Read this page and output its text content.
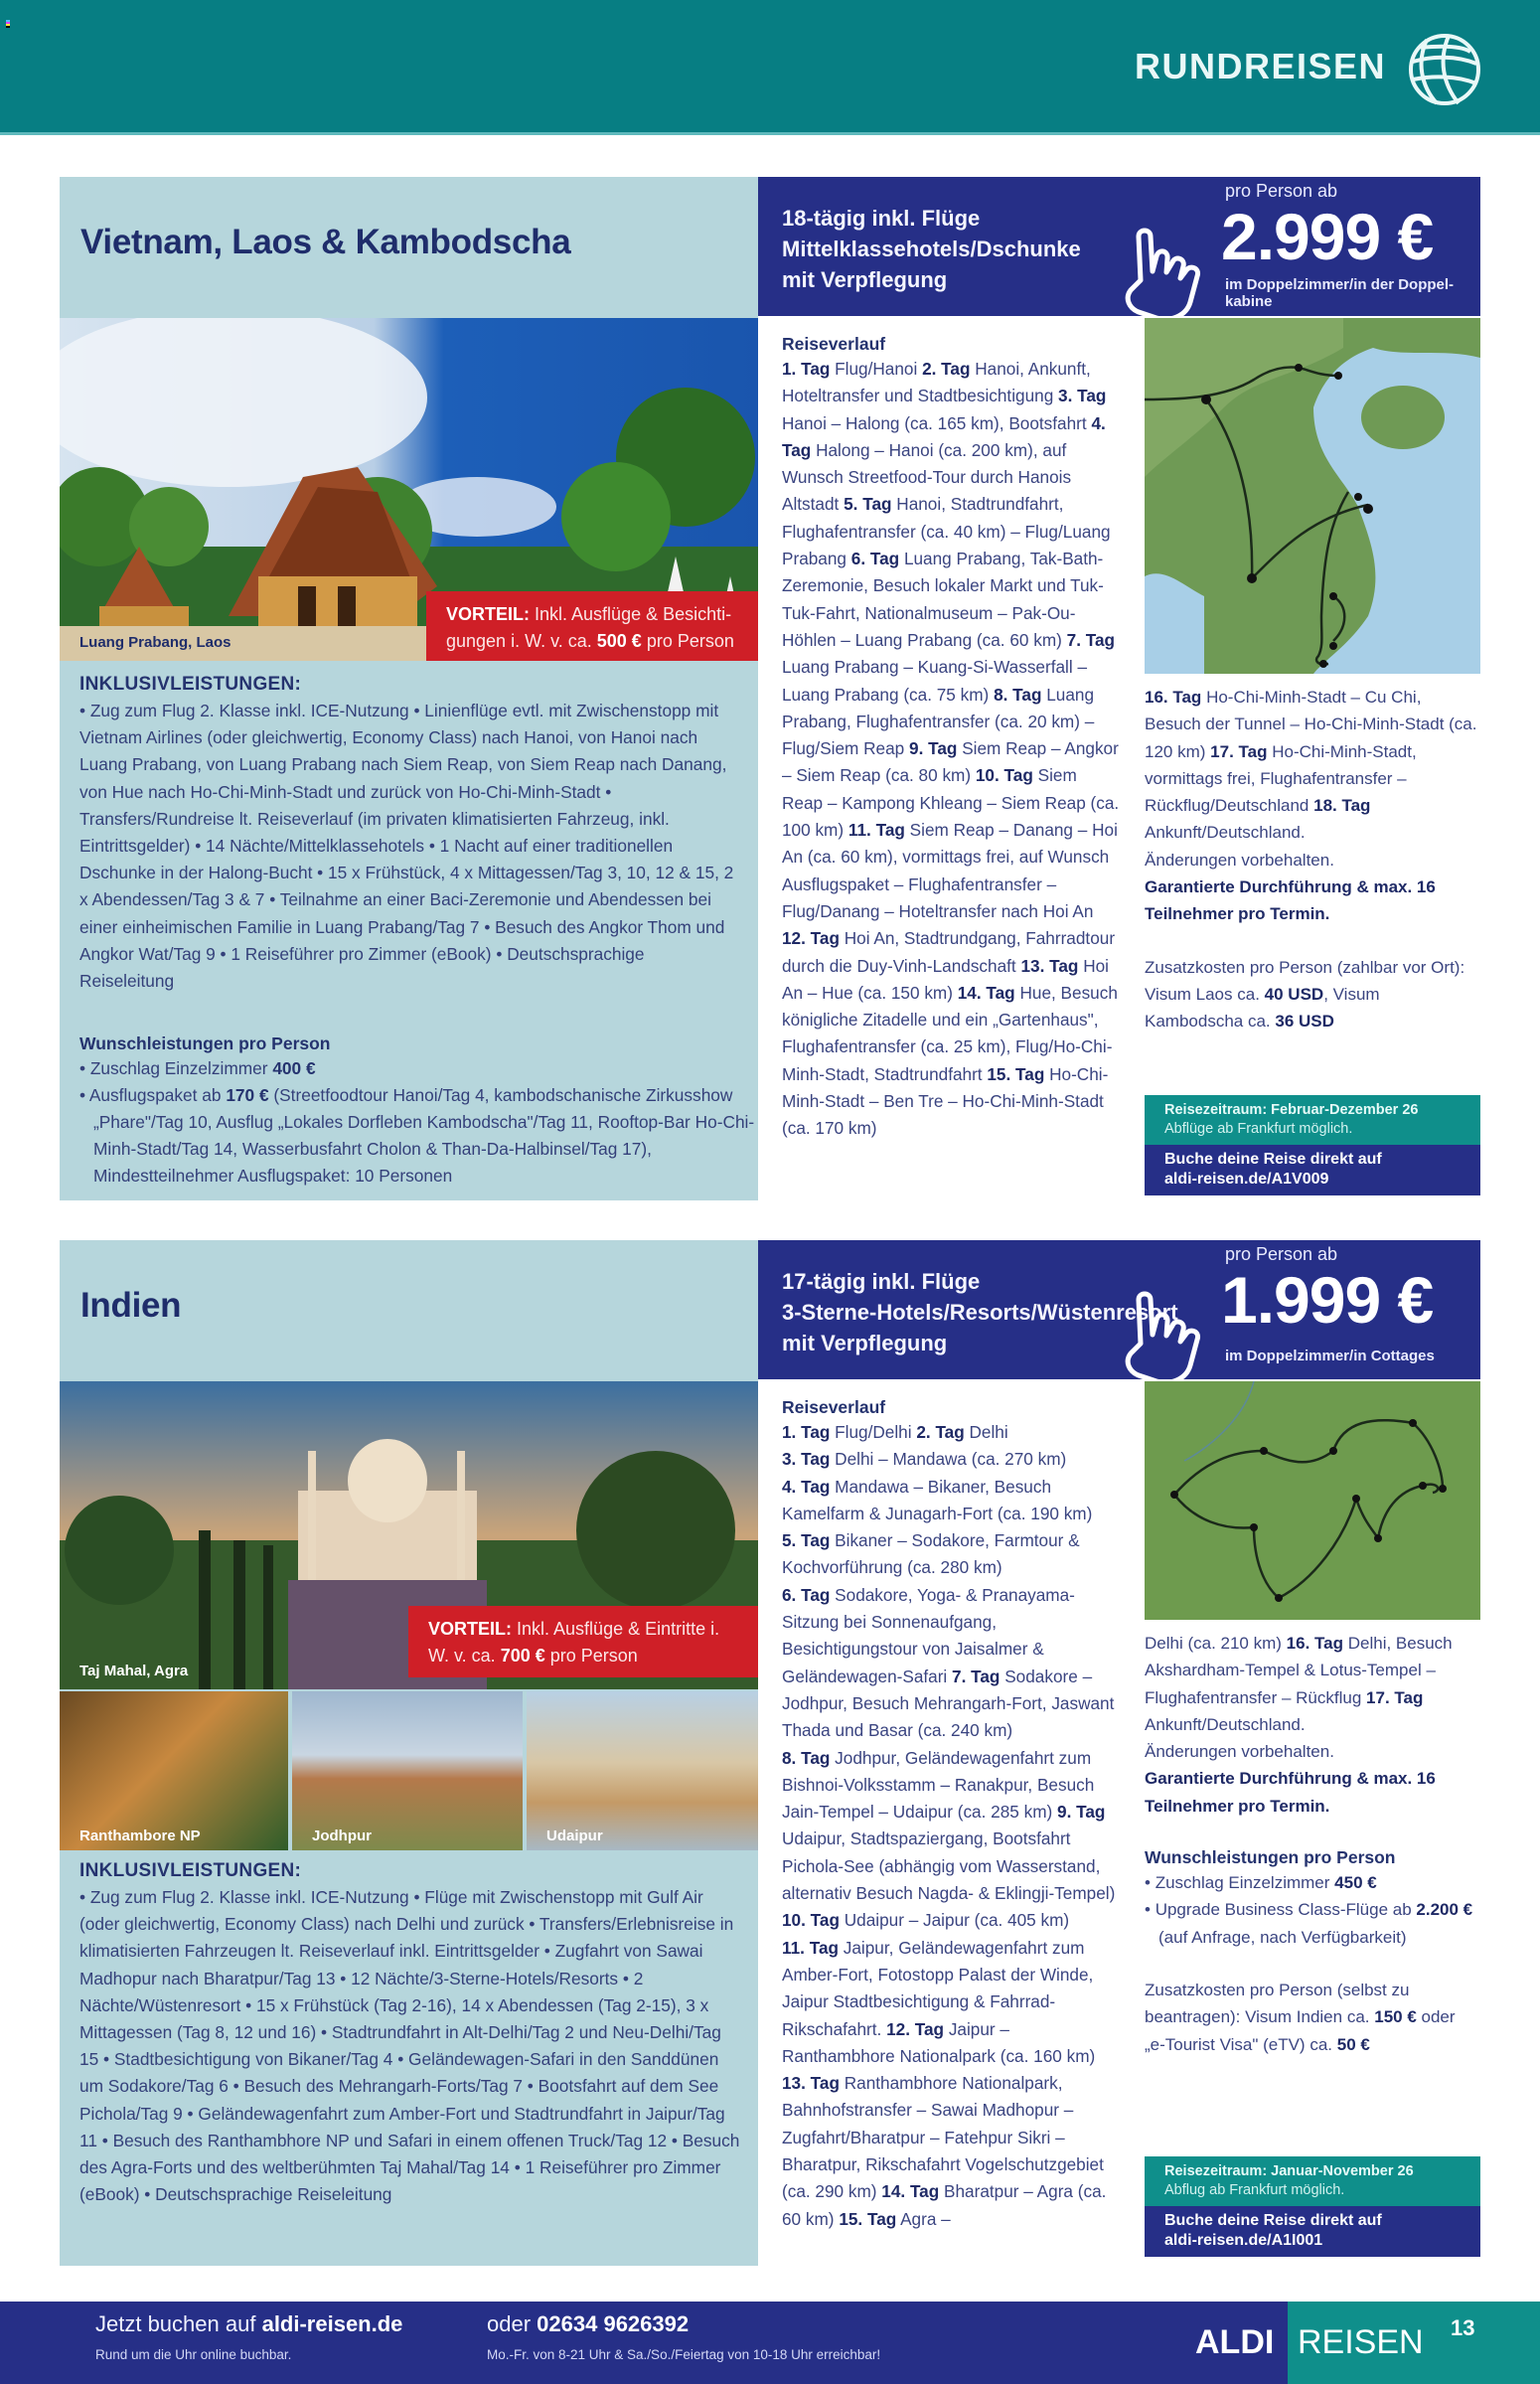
RUNDREISEN
Vietnam, Laos & Kambodscha
Luang Prabang, Laos
VORTEIL: Inkl. Ausflüge & Besichti-gungen i. W. v. ca. 500 € pro Person
INKLUSIVLEISTUNGEN:

• Zug zum Flug 2. Klasse inkl. ICE-Nutzung • Linienflüge evtl. mit Zwischenstopp mit Vietnam Airlines (oder gleichwertig, Economy Class) nach Hanoi, von Hanoi nach Luang Prabang, von Luang Prabang nach Siem Reap, von Siem Reap nach Danang, von Hue nach Ho-Chi-Minh-Stadt und zurück von Ho-Chi-Minh-Stadt • Transfers/Rundreise lt. Reiseverlauf (im privaten klimatisierten Fahrzeug, inkl. Eintrittsgelder) • 14 Nächte/Mittelklassehotels • 1 Nacht auf einer traditionellen Dschunke in der Halong-Bucht • 15 x Frühstück, 4 x Mittagessen/Tag 3, 10, 12 & 15, 2 x Abendessen/Tag 3 & 7 • Teilnahme an einer Baci-Zeremonie und Abendessen bei einer einheimischen Familie in Luang Prabang/Tag 7 • Besuch des Angkor Thom und Angkor Wat/Tag 9 • 1 Reiseführer pro Zimmer (eBook) • Deutschsprachige Reiseleitung

Wunschleistungen pro Person
• Zuschlag Einzelzimmer 400 €
• Ausflugspaket ab 170 € (Streetfoodtour Hanoi/Tag 4, kambodschanische Zirkusshow „Phare"/Tag 10, Ausflug „Lokales Dorfleben Kambodscha"/Tag 11, Rooftop-Bar Ho-Chi-Minh-Stadt/Tag 14, Wasserbusfahrt Cholon & Than-Da-Halbinsel/Tag 17), Mindestteilnehmer Ausflugspaket: 10 Personen
18-tägig inkl. Flüge
Mittelklassehotels/Dschunke
mit Verpflegung
pro Person ab
2.999 €
im Doppelzimmer/in der Doppel-kabine
Reiseverlauf
1. Tag Flug/Hanoi 2. Tag Hanoi, Ankunft, Hoteltransfer und Stadtbesichtigung 3. Tag Hanoi – Halong (ca. 165 km), Bootsfahrt 4. Tag Halong – Hanoi (ca. 200 km), auf Wunsch Streetfood-Tour durch Hanois Altstadt 5. Tag Hanoi, Stadtrundfahrt, Flughafentransfer (ca. 40 km) – Flug/Luang Prabang 6. Tag Luang Prabang, Tak-Bath-Zeremonie, Besuch lokaler Markt und Tuk-Tuk-Fahrt, Nationalmuseum – Pak-Ou-Höhlen – Luang Prabang (ca. 60 km) 7. Tag Luang Prabang – Kuang-Si-Wasserfall – Luang Prabang (ca. 75 km) 8. Tag Luang Prabang, Flughafentransfer (ca. 20 km) – Flug/Siem Reap 9. Tag Siem Reap – Angkor – Siem Reap (ca. 80 km) 10. Tag Siem Reap – Kampong Khleang – Siem Reap (ca. 100 km) 11. Tag Siem Reap – Danang – Hoi An (ca. 60 km), vormittags frei, auf Wunsch Ausflugspaket – Flughafentransfer – Flug/Danang – Hoteltransfer nach Hoi An 12. Tag Hoi An, Stadtrundgang, Fahrradtour durch die Duy-Vinh-Landschaft 13. Tag Hoi An – Hue (ca. 150 km) 14. Tag Hue, Besuch königliche Zitadelle und ein „Gartenhaus", Flughafentransfer (ca. 25 km), Flug/Ho-Chi-Minh-Stadt, Stadtrundfahrt 15. Tag Ho-Chi-Minh-Stadt – Ben Tre – Ho-Chi-Minh-Stadt (ca. 170 km)
16. Tag Ho-Chi-Minh-Stadt – Cu Chi, Besuch der Tunnel – Ho-Chi-Minh-Stadt (ca. 120 km) 17. Tag Ho-Chi-Minh-Stadt, vormittags frei, Flughafentransfer – Rückflug/Deutschland 18. Tag Ankunft/Deutschland.
Änderungen vorbehalten.
Garantierte Durchführung & max. 16 Teilnehmer pro Termin.
Zusatzkosten pro Person (zahlbar vor Ort): Visum Laos ca. 40 USD, Visum Kambodscha ca. 36 USD
Reisezeitraum: Februar-Dezember 26
Abflüge ab Frankfurt möglich.
Buche deine Reise direkt auf
aldi-reisen.de/A1V009
Indien
Taj Mahal, Agra
VORTEIL: Inkl. Ausflüge & Eintritte i. W. v. ca. 700 € pro Person
Ranthambore NP	Jodhpur	Udaipur
INKLUSIVLEISTUNGEN:

• Zug zum Flug 2. Klasse inkl. ICE-Nutzung • Flüge mit Zwischenstopp mit Gulf Air (oder gleichwertig, Economy Class) nach Delhi und zurück • Transfers/Erlebnisreise in klimatisierten Fahrzeugen lt. Reiseverlauf inkl. Eintrittsgelder • Zugfahrt von Sawai Madhopur nach Bharatpur/Tag 13 • 12 Nächte/3-Sterne-Hotels/Resorts • 2 Nächte/Wüstenresort • 15 x Frühstück (Tag 2-16), 14 x Abendessen (Tag 2-15), 3 x Mittagessen (Tag 8, 12 und 16) • Stadtrundfahrt in Alt-Delhi/Tag 2 und Neu-Delhi/Tag 15 • Stadtbesichtigung von Bikaner/Tag 4 • Geländewagen-Safari in den Sanddünen um Sodakore/Tag 6 • Besuch des Mehrangarh-Forts/Tag 7 • Bootsfahrt auf dem See Pichola/Tag 9 • Geländewagenfahrt zum Amber-Fort und Stadtrundfahrt in Jaipur/Tag 11 • Besuch des Ranthambhore NP und Safari in einem offenen Truck/Tag 12 • Besuch des Agra-Forts und des weltberühmten Taj Mahal/Tag 14 • 1 Reiseführer pro Zimmer (eBook) • Deutschsprachige Reiseleitung

17-tägig inkl. Flüge
3-Sterne-Hotels/Resorts/Wüstenresort
mit Verpflegung
pro Person ab
1.999 €
im Doppelzimmer/in Cottages
Reiseverlauf
1. Tag Flug/Delhi 2. Tag Delhi
3. Tag Delhi – Mandawa (ca. 270 km)
4. Tag Mandawa – Bikaner, Besuch Kamelfarm & Junagarh-Fort (ca. 190 km)
5. Tag Bikaner – Sodakore, Farmtour & Kochvorführung (ca. 280 km)
6. Tag Sodakore, Yoga- & Pranayama-Sitzung bei Sonnenaufgang, Besichtigungstour von Jaisalmer & Geländewagen-Safari 7. Tag Sodakore – Jodhpur, Besuch Mehrangarh-Fort, Jaswant Thada und Basar (ca. 240 km)
8. Tag Jodhpur, Geländewagenfahrt zum Bishnoi-Volksstamm – Ranakpur, Besuch Jain-Tempel – Udaipur (ca. 285 km) 9. Tag Udaipur, Stadtspaziergang, Bootsfahrt Pichola-See (abhängig vom Wasserstand, alternativ Besuch Nagda- & Eklingji-Tempel)
10. Tag Udaipur – Jaipur (ca. 405 km)
11. Tag Jaipur, Geländewagenfahrt zum Amber-Fort, Fotostopp Palast der Winde, Jaipur Stadtbesichtigung & Fahrrad-Rikschafahrt. 12. Tag Jaipur – Ranthambhore Nationalpark (ca. 160 km)
13. Tag Ranthambhore Nationalpark, Bahnhofstransfer – Sawai Madhopur – Zugfahrt/Bharatpur – Fatehpur Sikri – Bharatpur, Rikschafahrt Vogelschutzgebiet (ca. 290 km) 14. Tag Bharatpur – Agra (ca. 60 km) 15. Tag Agra –
Delhi (ca. 210 km) 16. Tag Delhi, Besuch Akshardham-Tempel & Lotus-Tempel – Flughafentransfer – Rückflug 17. Tag Ankunft/Deutschland.
Änderungen vorbehalten.
Garantierte Durchführung & max. 16 Teilnehmer pro Termin.
Wunschleistungen pro Person
• Zuschlag Einzelzimmer 450 €
• Upgrade Business Class-Flüge ab 2.200 €
(auf Anfrage, nach Verfügbarkeit)
Zusatzkosten pro Person (selbst zu beantragen): Visum Indien ca. 150 € oder „e-Tourist Visa" (eTV) ca. 50 €
Reisezeitraum: Januar-November 26
Abflug ab Frankfurt möglich.
Buche deine Reise direkt auf
aldi-reisen.de/A1I001
Jetzt buchen auf aldi-reisen.de
Rund um die Uhr online buchbar.
oder 02634 9626392
Mo.-Fr. von 8-21 Uhr & Sa./So./Feiertag von 10-18 Uhr erreichbar!	ALDI REISEN 13
